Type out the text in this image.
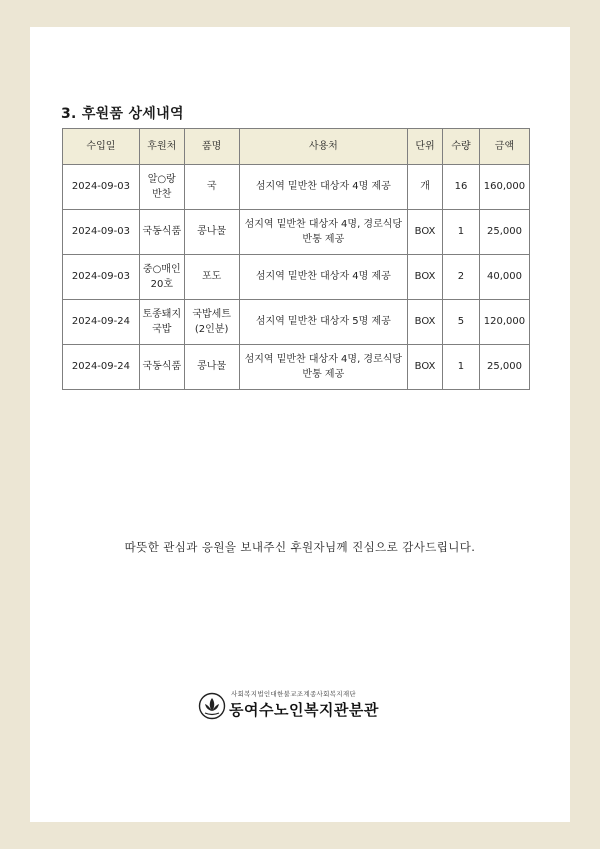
3. 후원품 상세내역
수입일	후원처	품명	사용처	단위	수량	금액
2024-09-03	알○랑 반찬	국	섬지역 밑반찬 대상자 4명 제공	개	16	160,000
2024-09-03	국동식품	콩나물	섬지역 밑반찬 대상자 4명, 경로식당 반통 제공	BOX	1	25,000
2024-09-03	중○매인20호	포도	섬지역 밑반찬 대상자 4명 제공	BOX	2	40,000
2024-09-24	토종돼지국밥	국밥세트 (2인분)	섬지역 밑반찬 대상자 5명 제공	BOX	5	120,000
2024-09-24	국동식품	콩나물	섬지역 밑반찬 대상자 4명, 경로식당 반통 제공	BOX	1	25,000
따뜻한 관심과 응원을 보내주신 후원자님께 진심으로 감사드립니다.
사회복지법인대한불교조계종사회복지재단
동여수노인복지관분관
